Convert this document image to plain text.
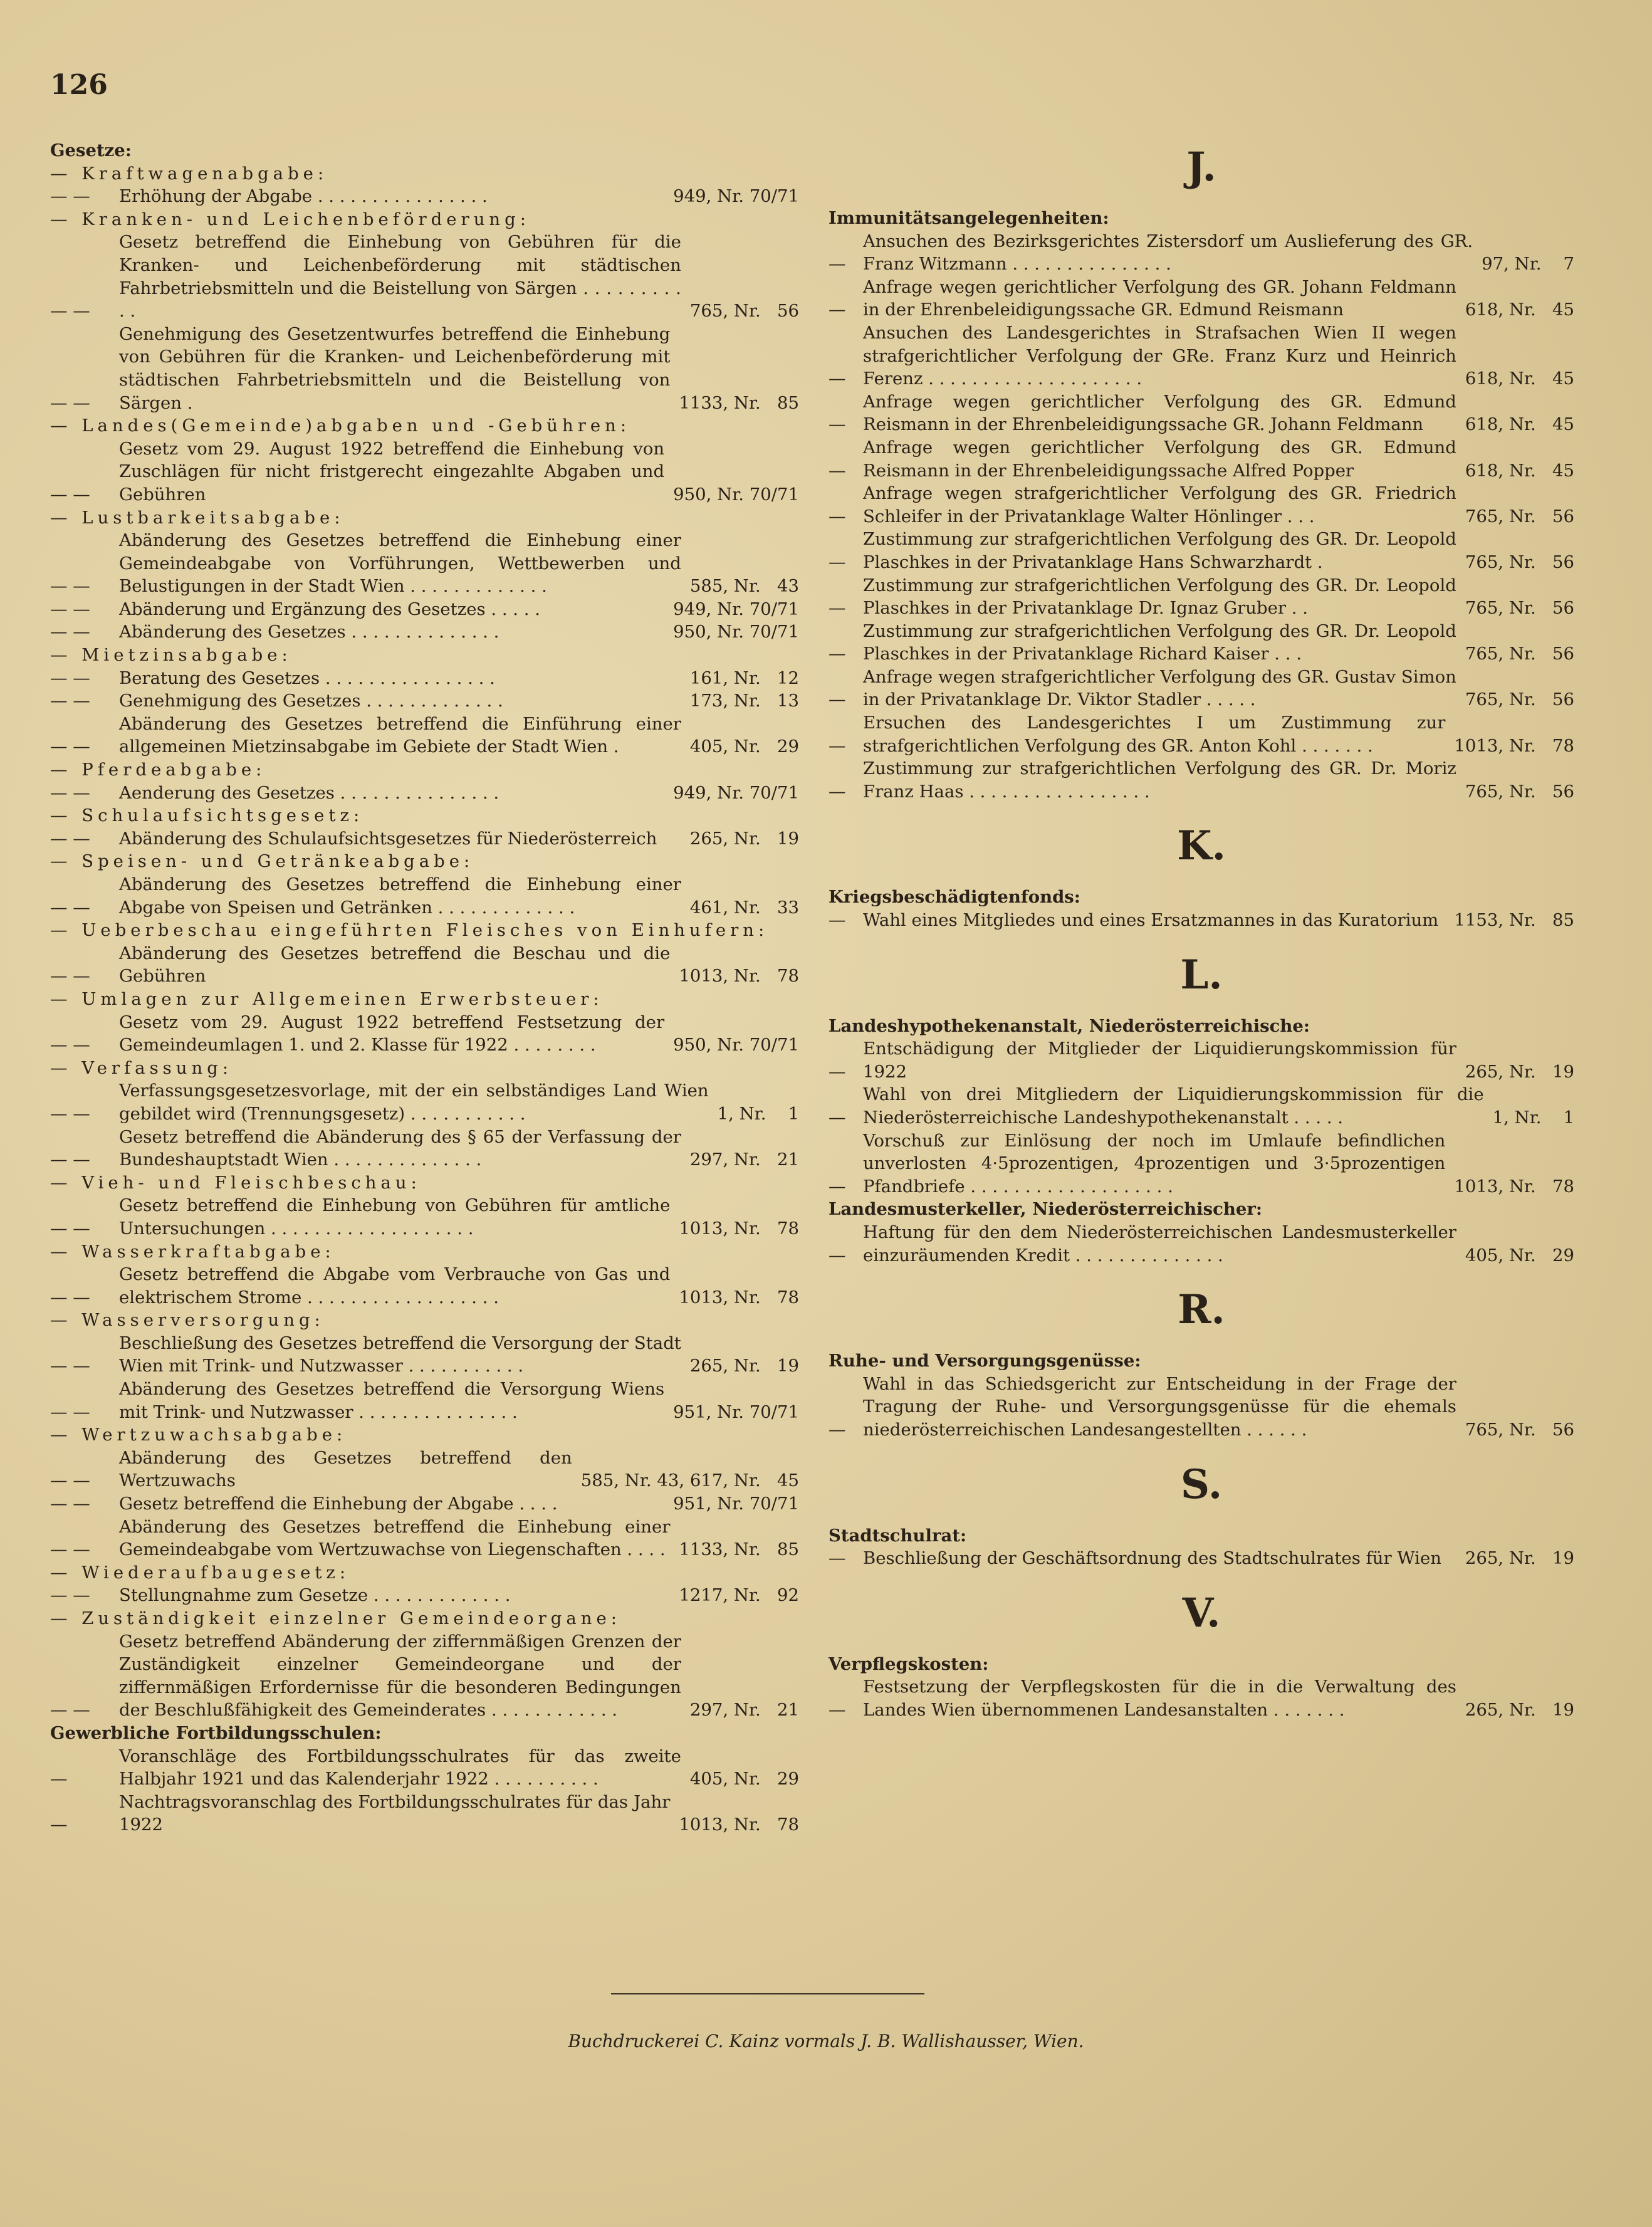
126
Gesetze:
— Kraftwagenabgabe:
— —	Erhöhung der Abgabe . . . . . . . . . . . . . . . .	949, Nr. 70/71
— Kranken- und Leichenbeförderung:
— —
Gesetz betreffend die Einhebung von Gebühren für die Kranken- und Leichenbeförderung mit städtischen Fahrbetriebsmitteln und die Beistellung von Särgen . . . . . . . . . . .	765, Nr.   56
— —
Genehmigung des Gesetzentwurfes betreffend die Einhebung von Gebühren für die Kranken- und Leichenbeförderung mit städtischen Fahrbetriebsmitteln und die Beistellung von Särgen .	1133, Nr.   85
— Landes(Gemeinde)abgaben und -Gebühren:
— —
Gesetz vom 29. August 1922 betreffend die Einhebung von Zuschlägen für nicht fristgerecht eingezahlte Abgaben und Gebühren	950, Nr. 70/71
— Lustbarkeitsabgabe:
— —
Abänderung des Gesetzes betreffend die Einhebung einer Gemeindeabgabe von Vorführungen, Wettbewerben und Belustigungen in der Stadt Wien . . . . . . . . . . . . .	585, Nr.   43
— —	Abänderung und Ergänzung des Gesetzes . . . . .	949, Nr. 70/71
— —	Abänderung des Gesetzes . . . . . . . . . . . . . .	950, Nr. 70/71
— Mietzinsabgabe:
— —	Beratung des Gesetzes . . . . . . . . . . . . . . . .	161, Nr.   12
— —	Genehmigung des Gesetzes . . . . . . . . . . . . .	173, Nr.   13
— —
Abänderung des Gesetzes betreffend die Einführung einer allgemeinen Mietzinsabgabe im Gebiete der Stadt Wien .	405, Nr.   29
— Pferdeabgabe:
— —	Aenderung des Gesetzes . . . . . . . . . . . . . . .	949, Nr. 70/71
— Schulaufsichtsgesetz:
— —	Abänderung des Schulaufsichtsgesetzes für Niederösterreich	265, Nr.   19
— Speisen- und Getränkeabgabe:
— —
Abänderung des Gesetzes betreffend die Einhebung einer Abgabe von Speisen und Getränken . . . . . . . . . . . . .	461, Nr.   33
— Ueberbeschau eingeführten Fleisches von Einhufern:
— —
Abänderung des Gesetzes betreffend die Beschau und die Gebühren	1013, Nr.   78
— Umlagen zur Allgemeinen Erwerbsteuer:
— —
Gesetz vom 29. August 1922 betreffend Festsetzung der Gemeindeumlagen 1. und 2. Klasse für 1922 . . . . . . . .	950, Nr. 70/71
— Verfassung:
— —
Verfassungsgesetzesvorlage, mit der ein selbständiges Land Wien gebildet wird (Trennungsgesetz) . . . . . . . . . . .	1, Nr.    1
— —
Gesetz betreffend die Abänderung des § 65 der Verfassung der Bundeshauptstadt Wien . . . . . . . . . . . . . .	297, Nr.   21
— Vieh- und Fleischbeschau:
— —
Gesetz betreffend die Einhebung von Gebühren für amtliche Untersuchungen . . . . . . . . . . . . . . . . . . .	1013, Nr.   78
— Wasserkraftabgabe:
— —
Gesetz betreffend die Abgabe vom Verbrauche von Gas und elektrischem Strome . . . . . . . . . . . . . . . . . .	1013, Nr.   78
— Wasserversorgung:
— —
Beschließung des Gesetzes betreffend die Versorgung der Stadt Wien mit Trink- und Nutzwasser . . . . . . . . . . .	265, Nr.   19
— —
Abänderung des Gesetzes betreffend die Versorgung Wiens mit Trink- und Nutzwasser . . . . . . . . . . . . . . .	951, Nr. 70/71
— Wertzuwachsabgabe:
— —
Abänderung des Gesetzes betreffend den Wertzuwachs	585, Nr. 43, 617, Nr.   45
— —	Gesetz betreffend die Einhebung der Abgabe . . . .	951, Nr. 70/71
— —
Abänderung des Gesetzes betreffend die Einhebung einer Gemeindeabgabe vom Wertzuwachse von Liegenschaften . . . . 1133, Nr.   85
— Wiederaufbaugesetz:
— —	Stellungnahme zum Gesetze . . . . . . . . . . . . .	1217, Nr.   92
— Zuständigkeit einzelner Gemeindeorgane:
— —
Gesetz betreffend Abänderung der ziffernmäßigen Grenzen der Zuständigkeit einzelner Gemeindeorgane und der ziffernmäßigen Erfordernisse für die besonderen Bedingungen der Beschlußfähigkeit des Gemeinderates . . . . . . . . . . . .	297, Nr.   21
Gewerbliche Fortbildungsschulen:
—
Voranschläge des Fortbildungsschulrates für das zweite Halbjahr 1921 und das Kalenderjahr 1922 . . . . . . . . . .	405, Nr.   29
—
Nachtragsvoranschlag des Fortbildungsschulrates für das Jahr 1922	1013, Nr.   78
J.
Immunitätsangelegenheiten:
—
Ansuchen des Bezirksgerichtes Zistersdorf um Auslieferung des GR. Franz Witzmann . . . . . . . . . . . . . . .	97, Nr.    7
—
Anfrage wegen gerichtlicher Verfolgung des GR. Johann Feldmann in der Ehrenbeleidigungssache GR. Edmund Reismann	618, Nr.   45
—
Ansuchen des Landesgerichtes in Strafsachen Wien II wegen strafgerichtlicher Verfolgung der GRe. Franz Kurz und Heinrich Ferenz . . . . . . . . . . . . . . . . . . . .	618, Nr.   45
—
Anfrage wegen gerichtlicher Verfolgung des GR. Edmund Reismann in der Ehrenbeleidigungssache GR. Johann Feldmann	618, Nr.   45
—
Anfrage wegen gerichtlicher Verfolgung des GR. Edmund Reismann in der Ehrenbeleidigungssache Alfred Popper	618, Nr.   45
—
Anfrage wegen strafgerichtlicher Verfolgung des GR. Friedrich Schleifer in der Privatanklage Walter Hönlinger . . .	765, Nr.   56
—
Zustimmung zur strafgerichtlichen Verfolgung des GR. Dr. Leopold Plaschkes in der Privatanklage Hans Schwarzhardt .	765, Nr.   56
—
Zustimmung zur strafgerichtlichen Verfolgung des GR. Dr. Leopold Plaschkes in der Privatanklage Dr. Ignaz Gruber . .	765, Nr.   56
—
Zustimmung zur strafgerichtlichen Verfolgung des GR. Dr. Leopold Plaschkes in der Privatanklage Richard Kaiser . . .	765, Nr.   56
—
Anfrage wegen strafgerichtlicher Verfolgung des GR. Gustav Simon in der Privatanklage Dr. Viktor Stadler . . . . .	765, Nr.   56
—
Ersuchen des Landesgerichtes I um Zustimmung zur strafgerichtlichen Verfolgung des GR. Anton Kohl . . . . . . .	1013, Nr.   78
—
Zustimmung zur strafgerichtlichen Verfolgung des GR. Dr. Moriz Franz Haas . . . . . . . . . . . . . . . . .	765, Nr.   56
K.
Kriegsbeschädigtenfonds:
—	Wahl eines Mitgliedes und eines Ersatzmannes in das Kuratorium 1153, Nr.   85
L.
Landeshypothekenanstalt, Niederösterreichische:
—
Entschädigung der Mitglieder der Liquidierungskommission für 1922	265, Nr.   19
—
Wahl von drei Mitgliedern der Liquidierungskommission für die Niederösterreichische Landeshypothekenanstalt . . . . .	1, Nr.    1
—
Vorschuß zur Einlösung der noch im Umlaufe befindlichen unverlosten 4·5prozentigen, 4prozentigen und 3·5prozentigen Pfandbriefe . . . . . . . . . . . . . . . . . . .	1013, Nr.   78
Landesmusterkeller, Niederösterreichischer:
—
Haftung für den dem Niederösterreichischen Landesmusterkeller einzuräumenden Kredit . . . . . . . . . . . . . .	405, Nr.   29
R.
Ruhe- und Versorgungsgenüsse:
—
Wahl in das Schiedsgericht zur Entscheidung in der Frage der Tragung der Ruhe- und Versorgungsgenüsse für die ehemals niederösterreichischen Landesangestellten . . . . . .	765, Nr.   56
S.
Stadtschulrat:
—	Beschließung der Geschäftsordnung des Stadtschulrates für Wien	265, Nr.   19
V.
Verpflegskosten:
—
Festsetzung der Verpflegskosten für die in die Verwaltung des Landes Wien übernommenen Landesanstalten . . . . . . .	265, Nr.   19
Buchdruckerei C. Kainz vormals J. B. Wallishausser, Wien.
